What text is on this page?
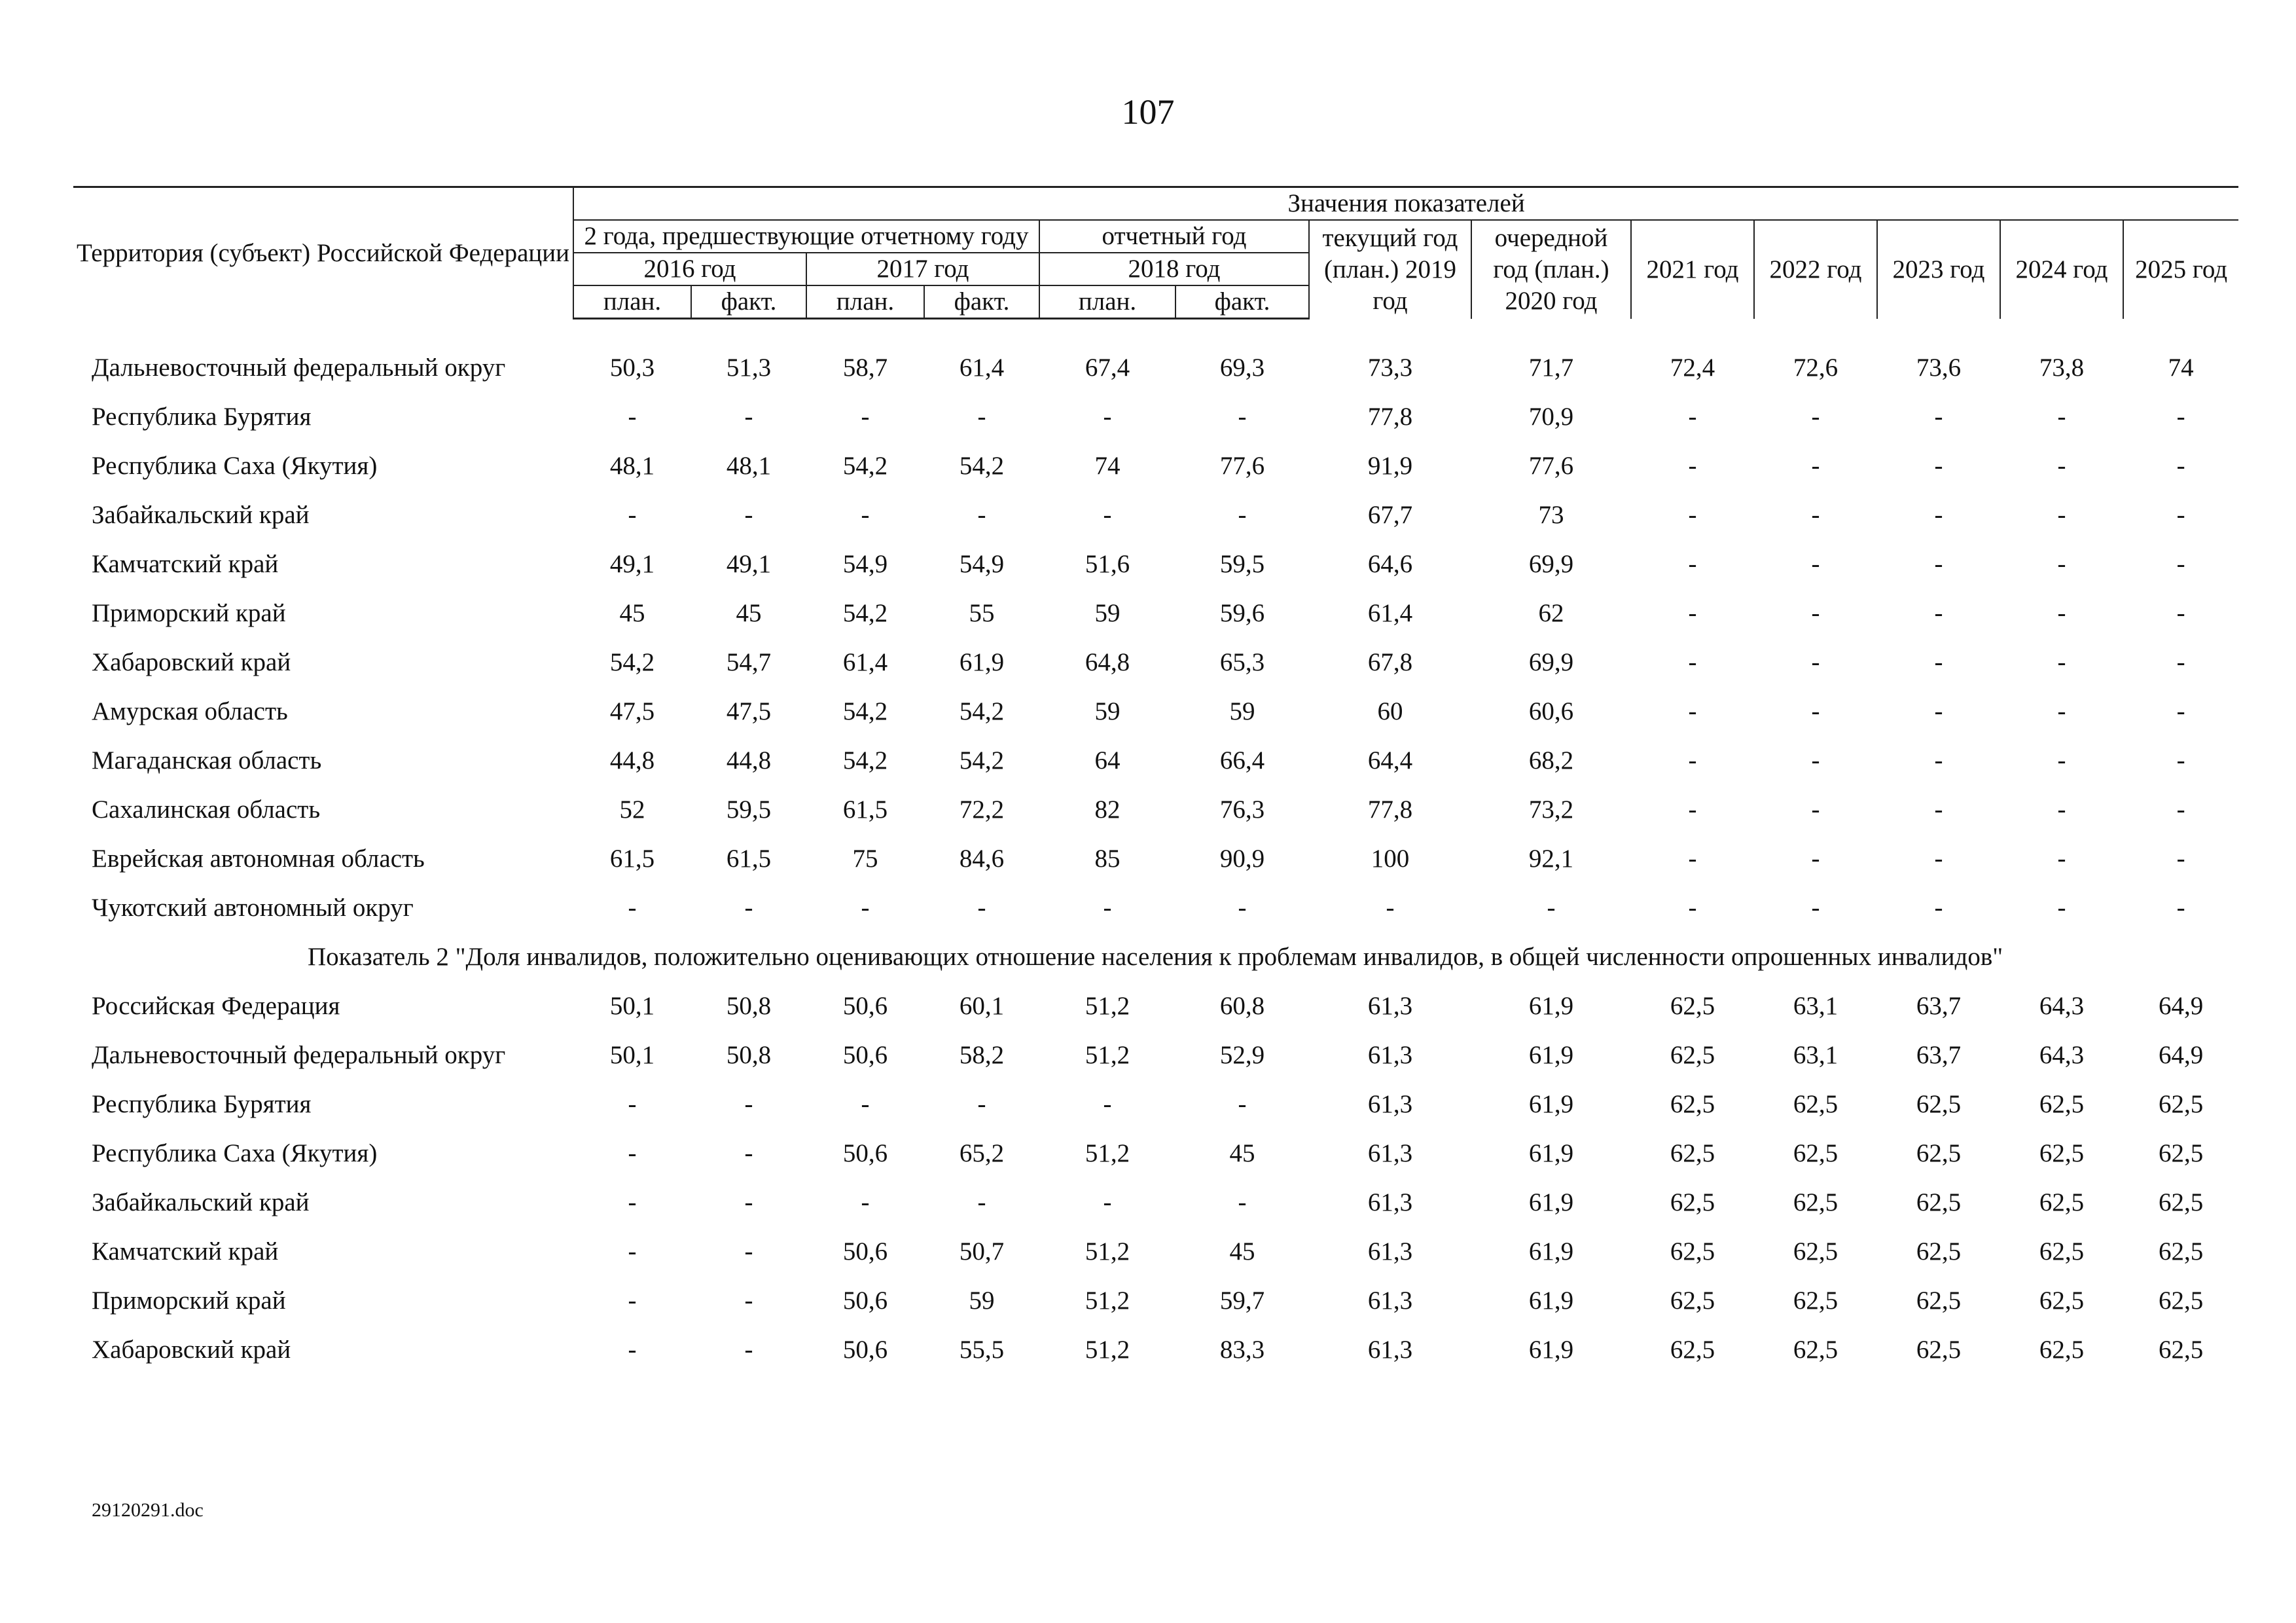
107
Территория (субъект) Российской Федерации	Значения показателей												
	2 года, предшествующие отчетному году				отчетный год		текущий год (план.) 2019 год	очередной год (план.) 2020 год	2021 год	2022 год	2023 год	2024 год	2025 год
	2016 год		2017 год		2018 год								
	план.	факт.	план.	факт.	план.	факт.							

Дальневосточный федеральный округ	50,3	51,3	58,7	61,4	67,4	69,3	73,3	71,7	72,4	72,6	73,6	73,8	74
Республика Бурятия	-	-	-	-	-	-	77,8	70,9	-	-	-	-	-
Республика Саха (Якутия)	48,1	48,1	54,2	54,2	74	77,6	91,9	77,6	-	-	-	-	-
Забайкальский край	-	-	-	-	-	-	67,7	73	-	-	-	-	-
Камчатский край	49,1	49,1	54,9	54,9	51,6	59,5	64,6	69,9	-	-	-	-	-
Приморский край	45	45	54,2	55	59	59,6	61,4	62	-	-	-	-	-
Хабаровский край	54,2	54,7	61,4	61,9	64,8	65,3	67,8	69,9	-	-	-	-	-
Амурская область	47,5	47,5	54,2	54,2	59	59	60	60,6	-	-	-	-	-
Магаданская область	44,8	44,8	54,2	54,2	64	66,4	64,4	68,2	-	-	-	-	-
Сахалинская область	52	59,5	61,5	72,2	82	76,3	77,8	73,2	-	-	-	-	-
Еврейская автономная область	61,5	61,5	75	84,6	85	90,9	100	92,1	-	-	-	-	-
Чукотский автономный округ	-	-	-	-	-	-	-	-	-	-	-	-	-
Показатель 2 "Доля инвалидов, положительно оценивающих отношение населения к проблемам инвалидов, в общей численности опрошенных инвалидов"													
Российская Федерация	50,1	50,8	50,6	60,1	51,2	60,8	61,3	61,9	62,5	63,1	63,7	64,3	64,9
Дальневосточный федеральный округ	50,1	50,8	50,6	58,2	51,2	52,9	61,3	61,9	62,5	63,1	63,7	64,3	64,9
Республика Бурятия	-	-	-	-	-	-	61,3	61,9	62,5	62,5	62,5	62,5	62,5
Республика Саха (Якутия)	-	-	50,6	65,2	51,2	45	61,3	61,9	62,5	62,5	62,5	62,5	62,5
Забайкальский край	-	-	-	-	-	-	61,3	61,9	62,5	62,5	62,5	62,5	62,5
Камчатский край	-	-	50,6	50,7	51,2	45	61,3	61,9	62,5	62,5	62,5	62,5	62,5
Приморский край	-	-	50,6	59	51,2	59,7	61,3	61,9	62,5	62,5	62,5	62,5	62,5
Хабаровский край	-	-	50,6	55,5	51,2	83,3	61,3	61,9	62,5	62,5	62,5	62,5	62,5
29120291.doc
